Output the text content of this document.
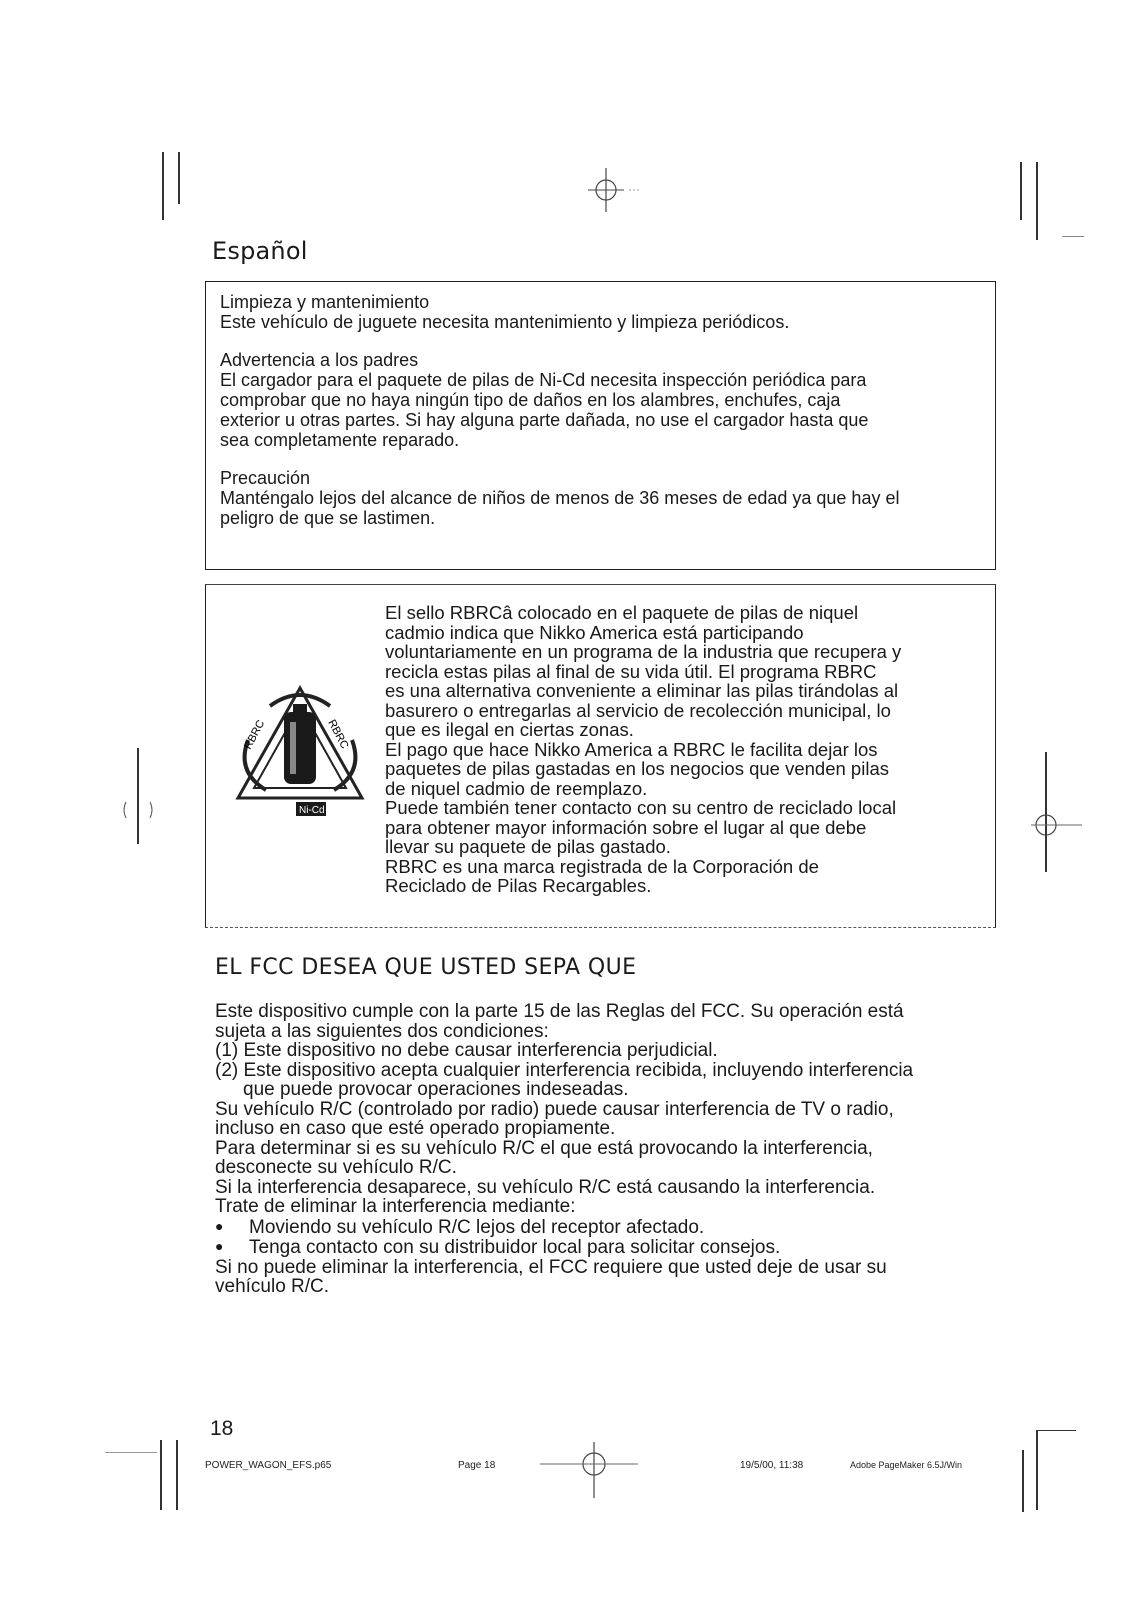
Español

Limpieza y mantenimiento

Este vehículo de juguete necesita mantenimiento y limpieza periódicos.

Advertencia a los padres

El cargador para el paquete de pilas de Ni-Cd necesita inspección periódica para

comprobar que no haya ningún tipo de daños en los alambres, enchufes, caja

exterior u otras partes. Si hay alguna parte dañada, no use el cargador hasta que

sea completamente reparado.

Precaución

Manténgalo lejos del alcance de niños de menos de 36 meses de edad ya que hay el

peligro de que se lastimen.

RBRC	RBRC
Ni-Cd

El sello RBRCâ colocado en el paquete de pilas de niquel

cadmio indica que Nikko America está participando

voluntariamente en un programa de la industria que recupera y

recicla estas pilas al final de su vida útil. El programa RBRC

es una alternativa conveniente a eliminar las pilas tirándolas al

basurero o entregarlas al servicio de recolección municipal, lo

que es ilegal en ciertas zonas.

El pago que hace Nikko America a RBRC le facilita dejar los

paquetes de pilas gastadas en los negocios que venden pilas

de niquel cadmio de reemplazo.

Puede también tener contacto con su centro de reciclado local

para obtener mayor información sobre el lugar al que debe

llevar su paquete de pilas gastado.

RBRC es una marca registrada de la Corporación de

Reciclado de Pilas Recargables.

EL FCC DESEA QUE USTED SEPA QUE

Este dispositivo cumple con la parte 15 de las Reglas del FCC. Su operación está

sujeta a las siguientes dos condiciones:

(1) Este dispositivo no debe causar interferencia perjudicial.

(2) Este dispositivo acepta cualquier interferencia recibida, incluyendo interferencia

que puede provocar operaciones indeseadas.

Su vehículo R/C (controlado por radio) puede causar interferencia de TV o radio,

incluso en caso que esté operado propiamente.

Para determinar si es su vehículo R/C el que está provocando la interferencia,

desconecte su vehículo R/C.

Si la interferencia desaparece, su vehículo R/C está causando la interferencia.

Trate de eliminar la interferencia mediante:

● Moviendo su vehículo R/C lejos del receptor afectado.

● Tenga contacto con su distribuidor local para solicitar consejos.

Si no puede eliminar la interferencia, el FCC requiere que usted deje de usar su

vehículo R/C.

18
POWER_WAGON_EFS.p65	Page 18	19/5/00, 11:38	Adobe PageMaker 6.5J/Win
